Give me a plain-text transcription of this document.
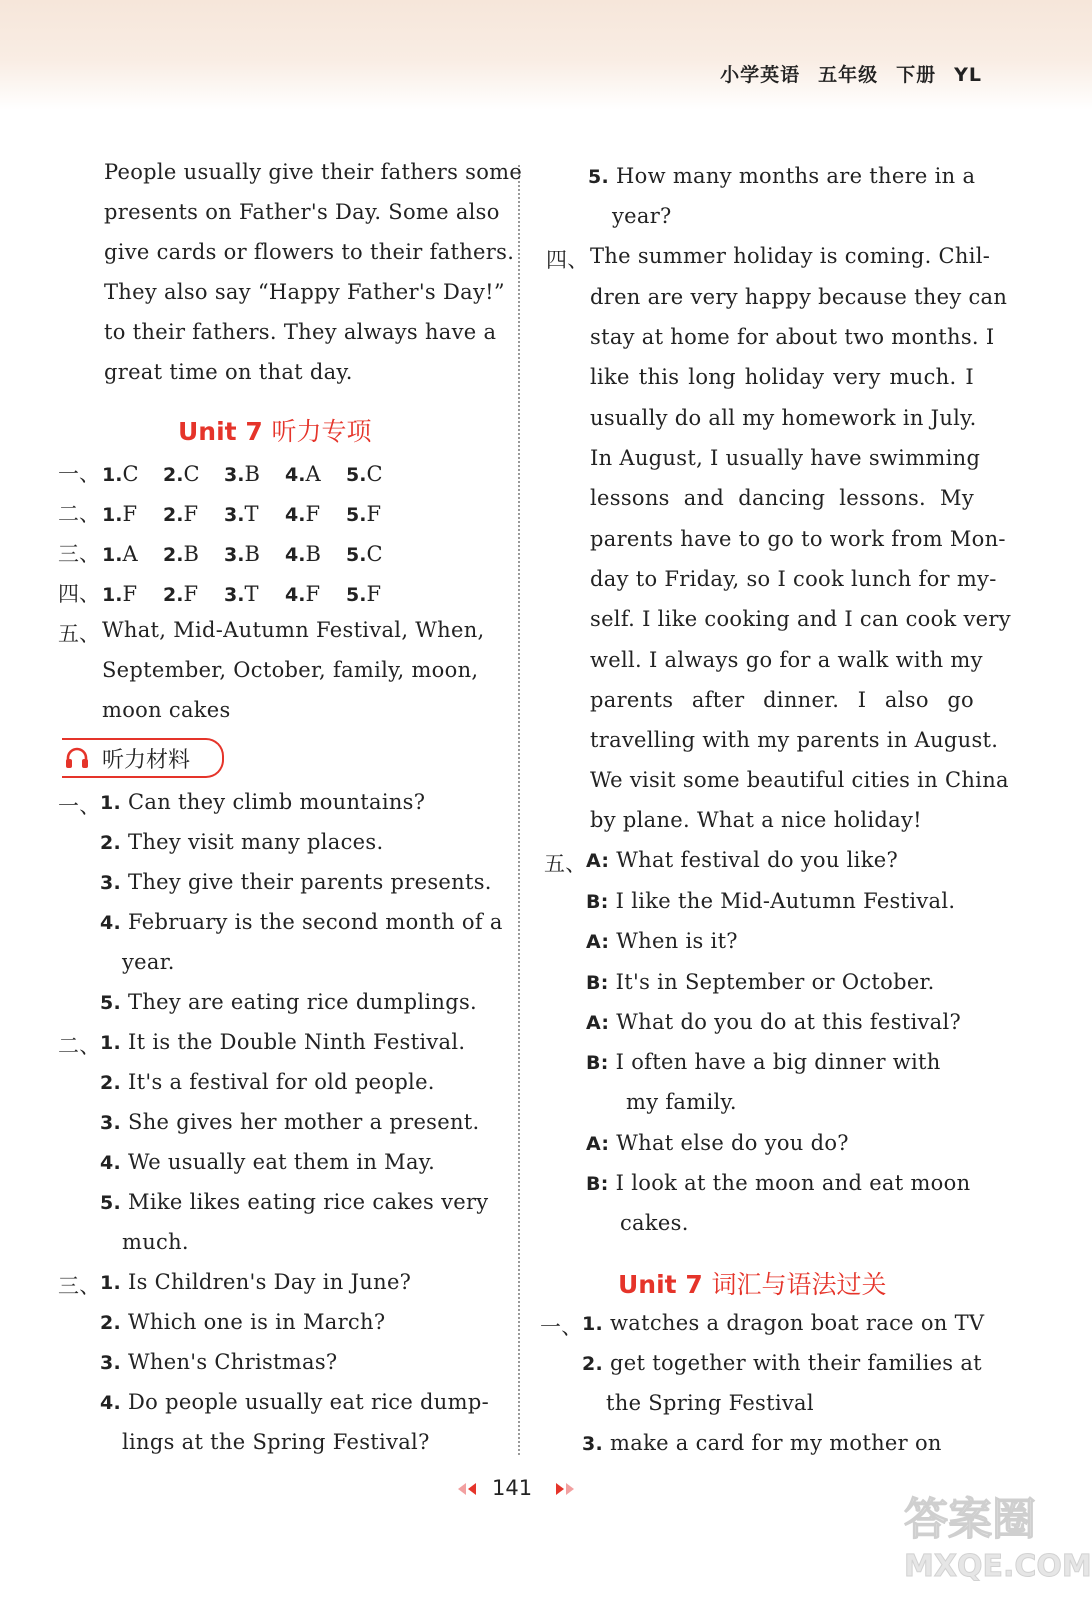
小学英语 五年级 下册 YL
People usually give their fathers some
presents on Father's Day. Some also
give cards or flowers to their fathers.
They also say “Happy Father's Day!”
to their fathers. They always have a
great time on that day.
Unit 7 听力专项
一、 1.C 2.C 3.B 4.A 5.C
二、 1.F 2.F 3.T 4.F 5.F
三、 1.A 2.B 3.B 4.B 5.C
四、 1.F 2.F 3.T 4.F 5.F
五、 What, Mid-Autumn Festival, When,
September, October, family, moon,
moon cakes
听力材料
一、 1. Can they climb mountains?
2. They visit many places.
3. They give their parents presents.
4. February is the second month of a
year.
5. They are eating rice dumplings.
二、 1. It is the Double Ninth Festival.
2. It's a festival for old people.
3. She gives her mother a present.
4. We usually eat them in May.
5. Mike likes eating rice cakes very
much.
三、 1. Is Children's Day in June?
2. Which one is in March?
3. When's Christmas?
4. Do people usually eat rice dump-
lings at the Spring Festival?
5. How many months are there in a
year?
四、 The summer holiday is coming. Chil-
dren are very happy because they can
stay at home for about two months. I
like this long holiday very much. I
usually do all my homework in July.
In August, I usually have swimming
lessons and dancing lessons. My
parents have to go to work from Mon-
day to Friday, so I cook lunch for my-
self. I like cooking and I can cook very
well. I always go for a walk with my
parents after dinner. I also go
travelling with my parents in August.
We visit some beautiful cities in China
by plane. What a nice holiday!
五、 A: What festival do you like?
B: I like the Mid-Autumn Festival.
A: When is it?
B: It's in September or October.
A: What do you do at this festival?
B: I often have a big dinner with
my family.
A: What else do you do?
B: I look at the moon and eat moon
cakes.
Unit 7 词汇与语法过关
一、 1. watches a dragon boat race on TV
2. get together with their families at
the Spring Festival
3. make a card for my mother on
141
答案圈
MXQE.COM
